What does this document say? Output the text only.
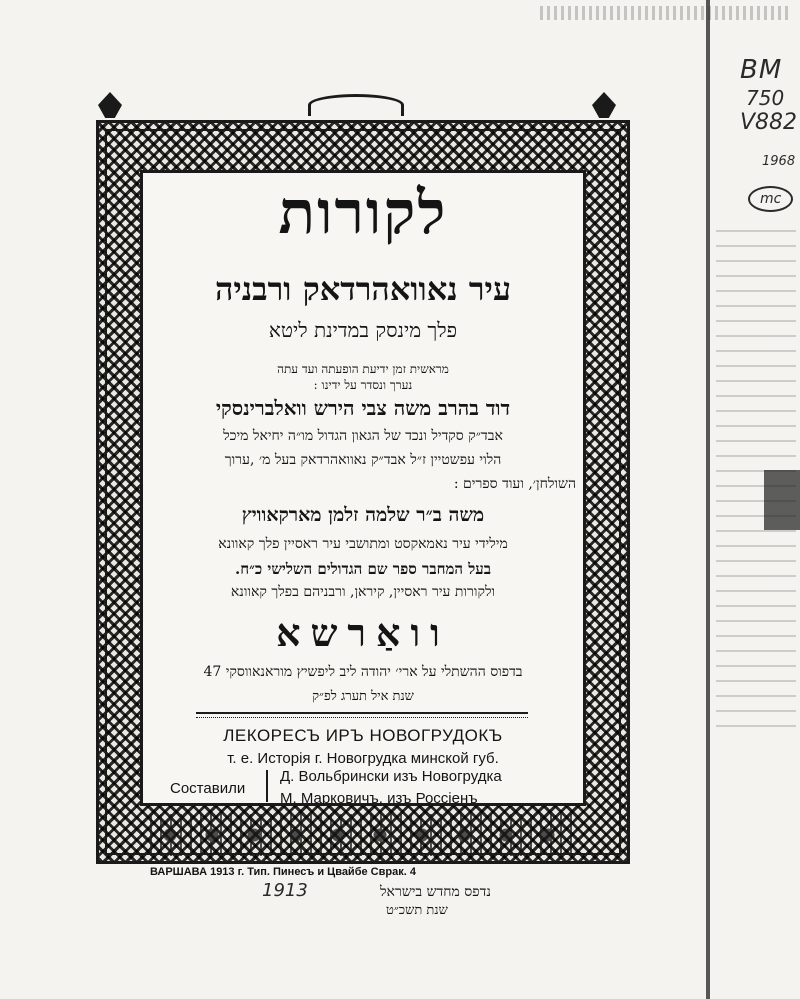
BM
750
V882
1968
mc
1913
לקורות
עיר נאוואהרדאק ורבניה
פלך מינסק במדינת ליטא
מראשית זמן ידיעת הופעתה ועד עתה
נערך ונסדר על ידינו :
דוד בהרב משה צבי הירש וואלברינסקי
אבד״ק סקדיל ונכד של הגאון הגדול מו״ה יחיאל מיכל
הלוי עפשטיין ז״ל אבד״ק נאוואהרדאק בעל מ׳ ,ערוך
השולחן׳, ועוד ספרים :
משה ב״ר שלמה זלמן מארקאוויץ
מילידי עיר נאמאקסט ומתושבי עיר ראסיין פלך קאוונא
בעל המחבר ספר שם הגדולים השלישי כ״ח.
ולקורות עיר ראסיין, קיראן, ורבניהם בפלך קאוונא
וואַרשא
בדפוס ההשתלי על ארי׳ יהודה ליב ליפשיץ מוראנאווסקי 47
שנת איל תערג לפ״ק
ЛЕКОРЕСЪ ИРЪ НОВОГРУДОКЪ
т. е. Исторія г. Новогрудка минской губ.
Составили
Д. Вольбрински изъ Новогрудка
М. Марковичъ, изъ Россіенъ
ВАРШАВА 1913 г. Тип. Пинесъ и Цвайбе Сврак. 4
נדפס מחדש בישראל
שנת תשכ״ט
